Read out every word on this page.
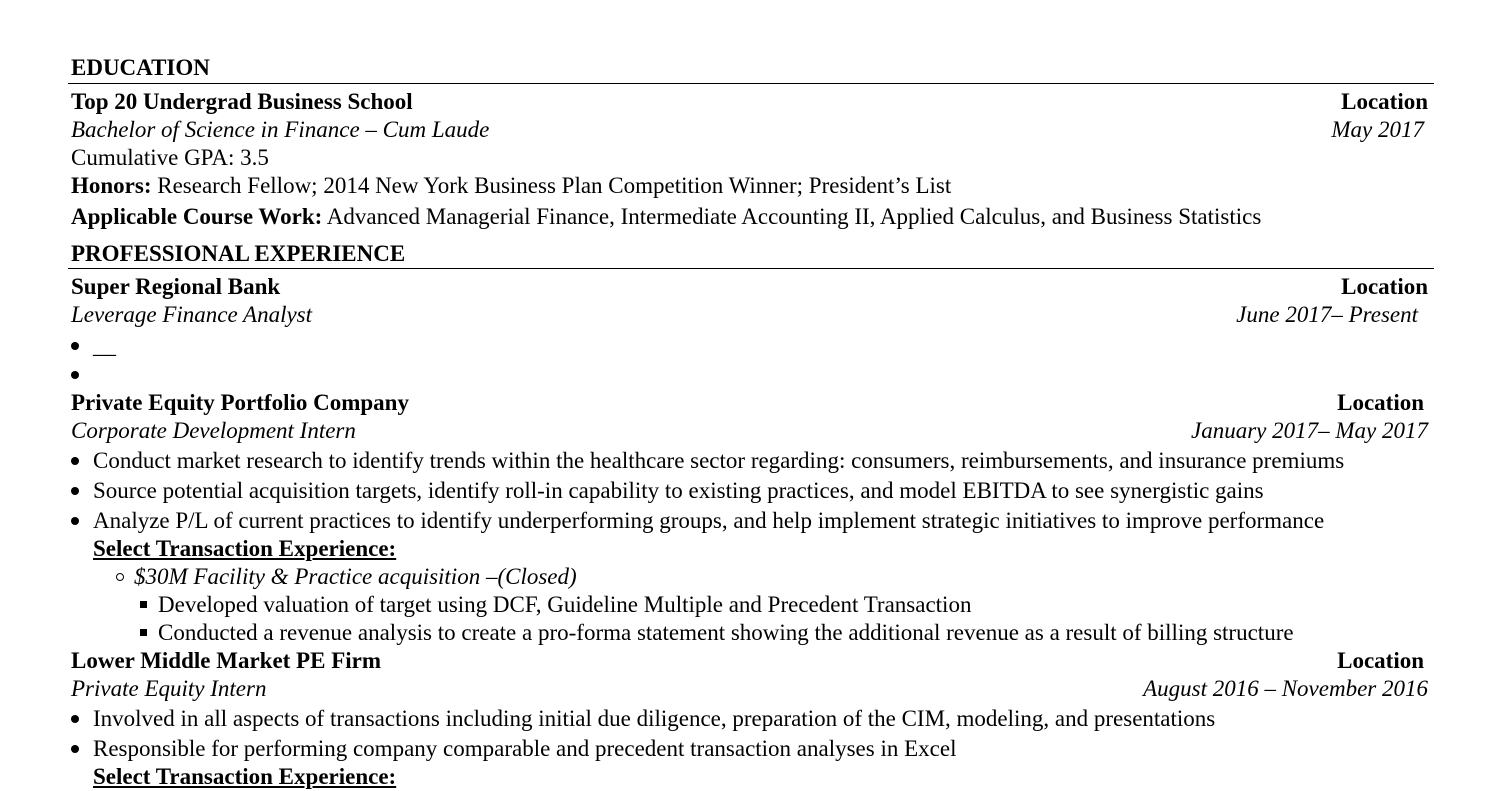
EDUCATION
Top 20 Undergrad Business School	Location
Bachelor of Science in Finance – Cum Laude	May 2017
Cumulative GPA: 3.5
Honors: Research Fellow; 2014 New York Business Plan Competition Winner; President’s List
Applicable Course Work: Advanced Managerial Finance, Intermediate Accounting II, Applied Calculus, and Business Statistics
PROFESSIONAL EXPERIENCE
Super Regional Bank	Location
Leverage Finance Analyst	June 2017– Present
__
Private Equity Portfolio Company	Location
Corporate Development Intern	January 2017– May 2017
Conduct market research to identify trends within the healthcare sector regarding: consumers, reimbursements, and insurance premiums
Source potential acquisition targets, identify roll-in capability to existing practices, and model EBITDA to see synergistic gains
Analyze P/L of current practices to identify underperforming groups, and help implement strategic initiatives to improve performance
Select Transaction Experience:
$30M Facility & Practice acquisition –(Closed)
Developed valuation of target using DCF, Guideline Multiple and Precedent Transaction
Conducted a revenue analysis to create a pro-forma statement showing the additional revenue as a result of billing structure
Lower Middle Market PE Firm	Location
Private Equity Intern	August 2016 – November 2016
Involved in all aspects of transactions including initial due diligence, preparation of the CIM, modeling, and presentations
Responsible for performing company comparable and precedent transaction analyses in Excel
Select Transaction Experience:
